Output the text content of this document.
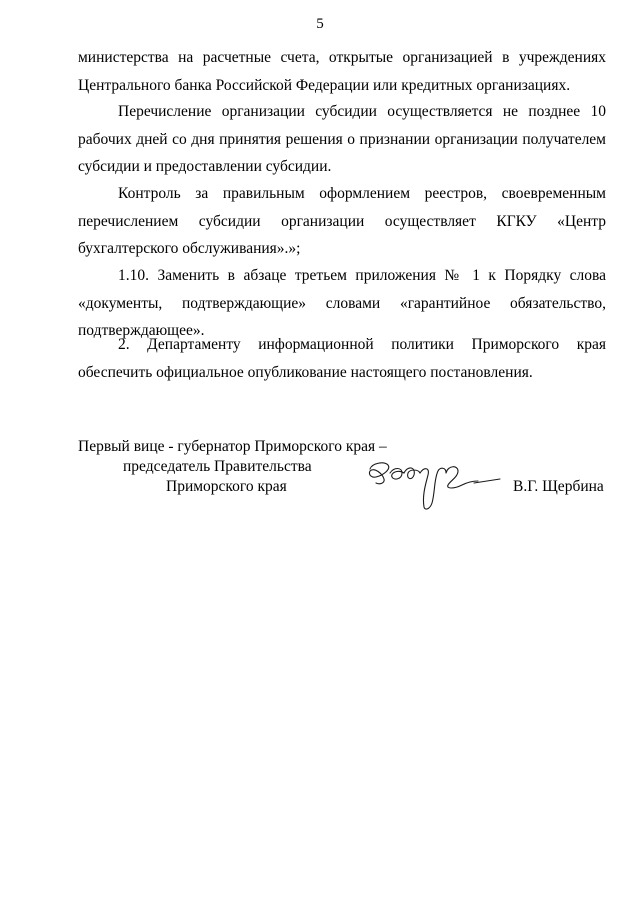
5

министерства на расчетные счета, открытые организацией в учреждениях Центрального банка Российской Федерации или кредитных организациях.

Перечисление организации субсидии осуществляется не позднее 10 рабочих дней со дня принятия решения о признании организации получателем субсидии и предоставлении субсидии.

Контроль за правильным оформлением реестров, своевременным перечислением субсидии организации осуществляет КГКУ «Центр бухгалтерского обслуживания».»;

1.10. Заменить в абзаце третьем приложения № 1 к Порядку слова «документы, подтверждающие» словами «гарантийное обязательство, подтверждающее».

2. Департаменту информационной политики Приморского края обеспечить официальное опубликование настоящего постановления.

Первый вице - губернатор Приморского края –
председатель Правительства
Приморского края	В.Г. Щербина
